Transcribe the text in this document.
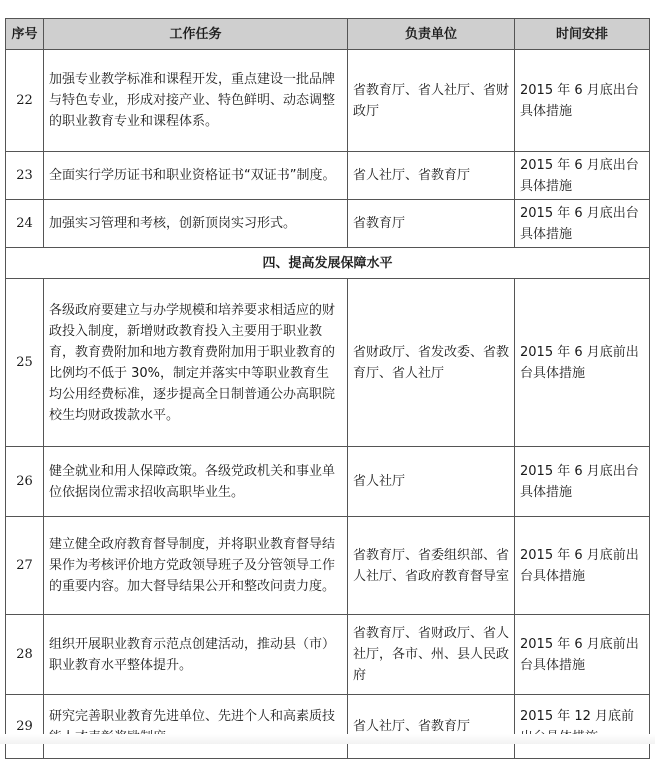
序号	工作任务	负责单位	时间安排
22	加强专业教学标准和课程开发，重点建设一批品牌与特色专业，形成对接产业、特色鲜明、动态调整的职业教育专业和课程体系。	省教育厅、省人社厅、省财政厅	2015 年 6 月底出台具体措施
23	全面实行学历证书和职业资格证书“双证书”制度。	省人社厅、省教育厅	2015 年 6 月底出台具体措施
24	加强实习管理和考核，创新顶岗实习形式。	省教育厅	2015 年 6 月底出台具体措施
四、提高发展保障水平			
25	各级政府要建立与办学规模和培养要求相适应的财政投入制度，新增财政教育投入主要用于职业教育，教育费附加和地方教育费附加用于职业教育的比例均不低于 30%，制定并落实中等职业教育生均公用经费标准，逐步提高全日制普通公办高职院校生均财政拨款水平。	省财政厅、省发改委、省教育厅、省人社厅	2015 年 6 月底前出台具体措施
26	健全就业和用人保障政策。各级党政机关和事业单位依据岗位需求招收高职毕业生。	省人社厅	2015 年 6 月底出台具体措施
27	建立健全政府教育督导制度，并将职业教育督导结果作为考核评价地方党政领导班子及分管领导工作的重要内容。加大督导结果公开和整改问责力度。	省教育厅、省委组织部、省人社厅、省政府教育督导室	2015 年 6 月底前出台具体措施
28	组织开展职业教育示范点创建活动，推动县（市）职业教育水平整体提升。	省教育厅、省财政厅、省人社厅，各市、州、县人民政府	2015 年 6 月底前出台具体措施
29	研究完善职业教育先进单位、先进个人和高素质技能人才表彰奖励制度。	省人社厅、省教育厅	2015 年 12 月底前出台具体措施
